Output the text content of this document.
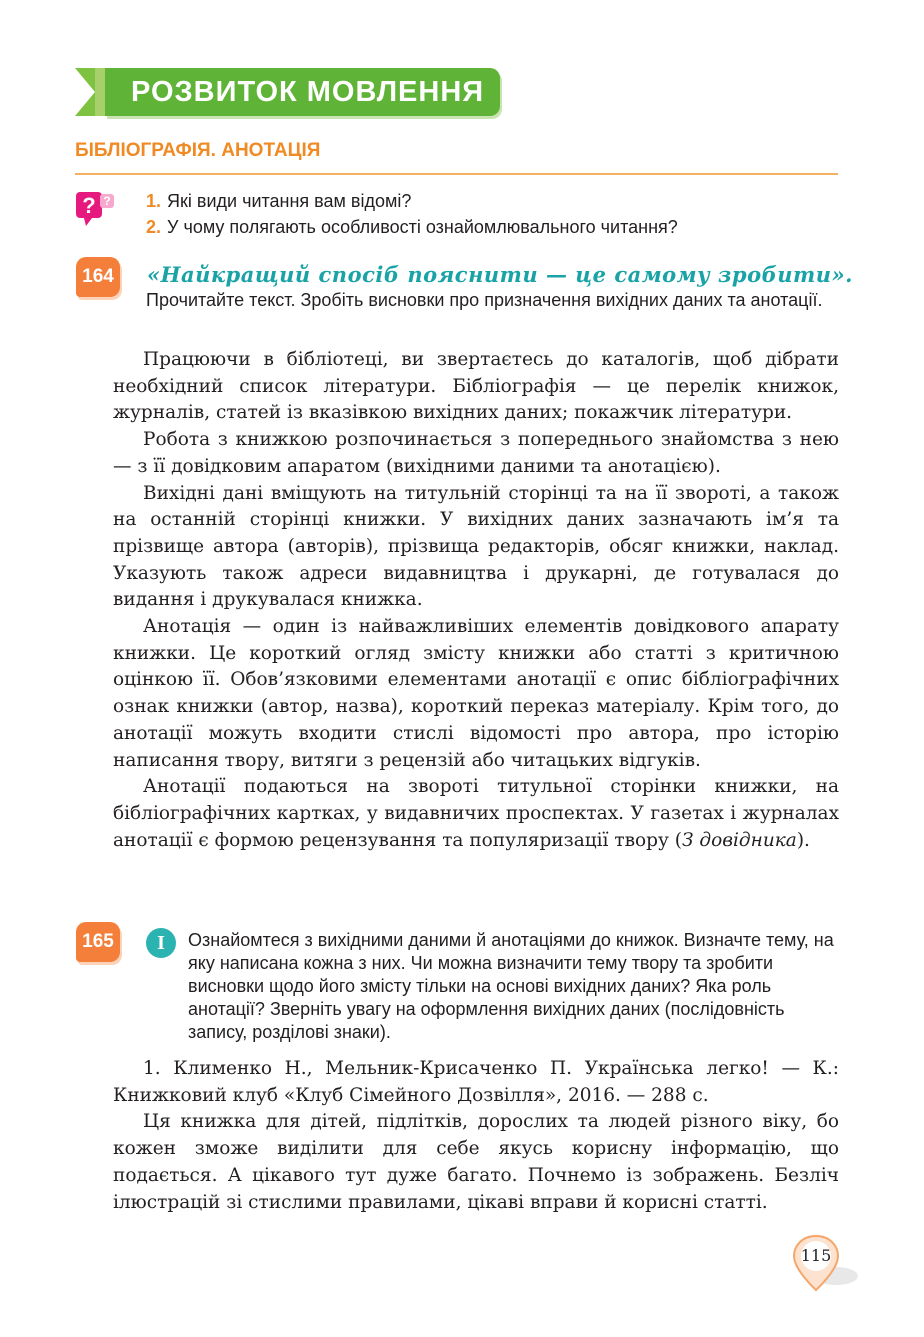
РОЗВИТОК МОВЛЕННЯ
БІБЛІОГРАФІЯ. АНОТАЦІЯ
? ? 1. Які види читання вам відомі?
2. У чому полягають особливості ознайомлювального читання?
164 «Найкращий спосіб пояснити — це самому зробити».
Прочитайте текст. Зробіть висновки про призначення вихідних даних та анотації.

Працюючи в бібліотеці, ви звертаєтесь до каталогів, щоб дібрати необхідний список літератури. Бібліографія — це перелік книжок, журналів, статей із вказівкою вихідних даних; покажчик літератури.

Робота з книжкою розпочинається з попереднього знайомства з нею — з її довідковим апаратом (вихідними даними та анотацією).

Вихідні дані вміщують на титульній сторінці та на її звороті, а також на останній сторінці книжки. У вихідних даних зазначають ім’я та прізвище автора (авторів), прізвища редакторів, обсяг книжки, наклад. Указують також адреси видавництва і друкарні, де готувалася до видання і друкувалася книжка.

Анотація — один із найважливіших елементів довідкового апарату книжки. Це короткий огляд змісту книжки або статті з критичною оцінкою її. Обов’язковими елементами анотації є опис бібліографічних ознак книжки (автор, назва), короткий переказ матеріалу. Крім того, до анотації можуть входити стислі відомості про автора, про історію написання твору, витяги з рецензій або читацьких відгуків.

Анотації подаються на звороті титульної сторінки книжки, на бібліографічних картках, у видавничих проспектах. У газетах і журналах анотації є формою рецензування та популяризації твору (З довідника).

165	I	Ознайомтеся з вихідними даними й анотаціями до книжок. Визначте тему, на яку написана кожна з них. Чи можна визначити тему твору та зробити висновки щодо його змісту тільки на основі вихідних даних? Яка роль анотації? Зверніть увагу на оформлення вихідних даних (послідовність запису, розділові знаки).

1. Клименко Н., Мельник-Крисаченко П. Українська легко! — К.: Книжковий клуб «Клуб Сімейного Дозвілля», 2016. — 288 с.

Ця книжка для дітей, підлітків, дорослих та людей різного віку, бо кожен зможе виділити для себе якусь корисну інформацію, що подається. А цікавого тут дуже багато. Почнемо із зображень. Безліч ілюстрацій зі стислими правилами, цікаві вправи й корисні статті.

115
